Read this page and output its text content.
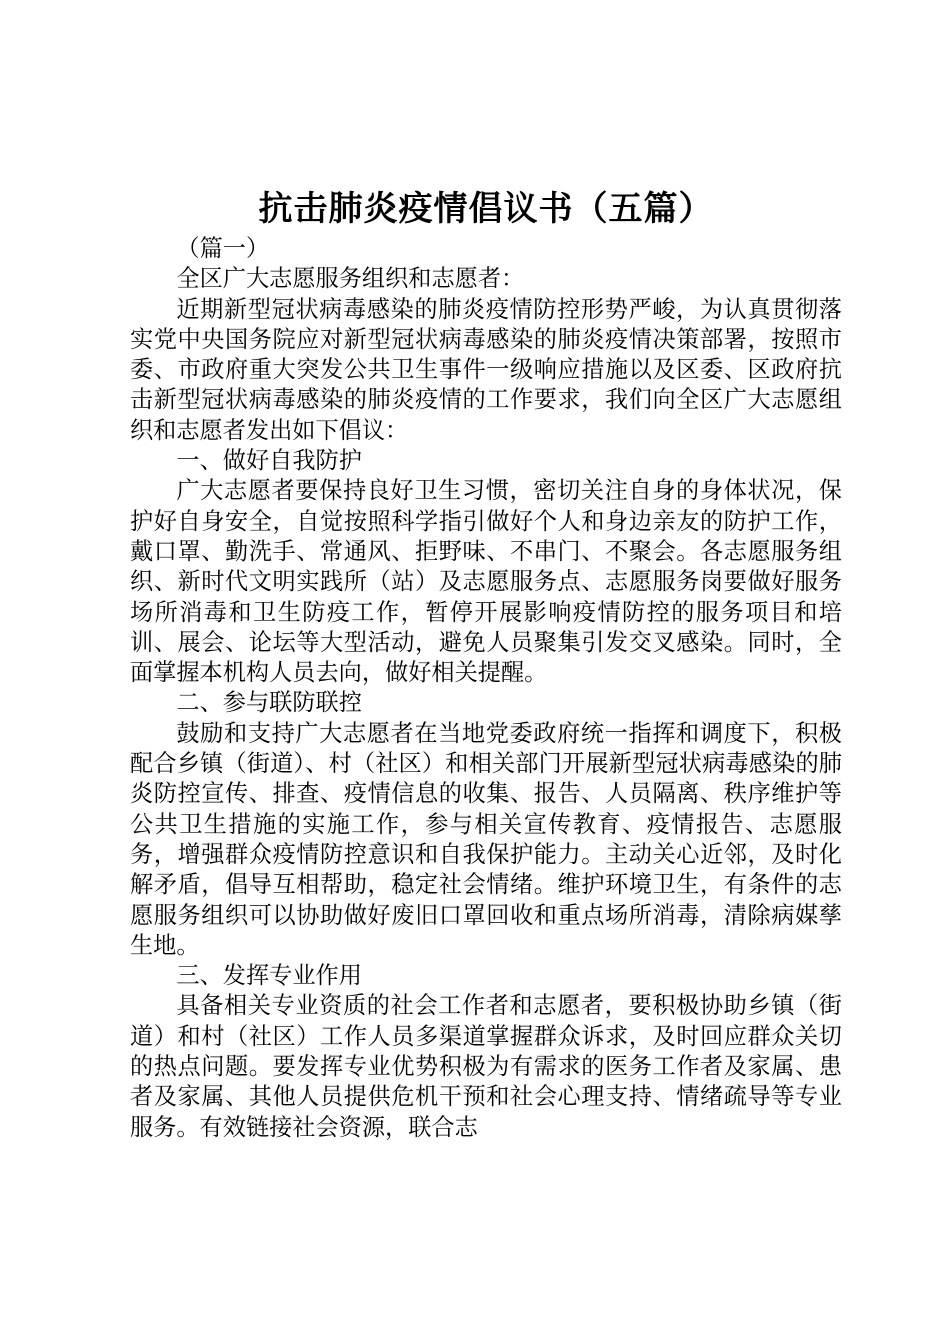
抗击肺炎疫情倡议书（五篇）

（篇一）

全区广大志愿服务组织和志愿者：

近期新型冠状病毒感染的肺炎疫情防控形势严峻，为认真贯彻落实党中央国务院应对新型冠状病毒感染的肺炎疫情决策部署，按照市委、市政府重大突发公共卫生事件一级响应措施以及区委、区政府抗击新型冠状病毒感染的肺炎疫情的工作要求，我们向全区广大志愿组织和志愿者发出如下倡议：

一、做好自我防护

广大志愿者要保持良好卫生习惯，密切关注自身的身体状况，保护好自身安全，自觉按照科学指引做好个人和身边亲友的防护工作，戴口罩、勤洗手、常通风、拒野味、不串门、不聚会。各志愿服务组织、新时代文明实践所（站）及志愿服务点、志愿服务岗要做好服务场所消毒和卫生防疫工作，暂停开展影响疫情防控的服务项目和培训、展会、论坛等大型活动，避免人员聚集引发交叉感染。同时，全面掌握本机构人员去向，做好相关提醒。

二、参与联防联控

鼓励和支持广大志愿者在当地党委政府统一指挥和调度下，积极配合乡镇（街道）、村（社区）和相关部门开展新型冠状病毒感染的肺炎防控宣传、排查、疫情信息的收集、报告、人员隔离、秩序维护等公共卫生措施的实施工作，参与相关宣传教育、疫情报告、志愿服务，增强群众疫情防控意识和自我保护能力。主动关心近邻，及时化解矛盾，倡导互相帮助，稳定社会情绪。维护环境卫生，有条件的志愿服务组织可以协助做好废旧口罩回收和重点场所消毒，清除病媒孳生地。

三、发挥专业作用

具备相关专业资质的社会工作者和志愿者，要积极协助乡镇（街道）和村（社区）工作人员多渠道掌握群众诉求，及时回应群众关切的热点问题。要发挥专业优势积极为有需求的医务工作者及家属、患者及家属、其他人员提供危机干预和社会心理支持、情绪疏导等专业服务。有效链接社会资源，联合志
